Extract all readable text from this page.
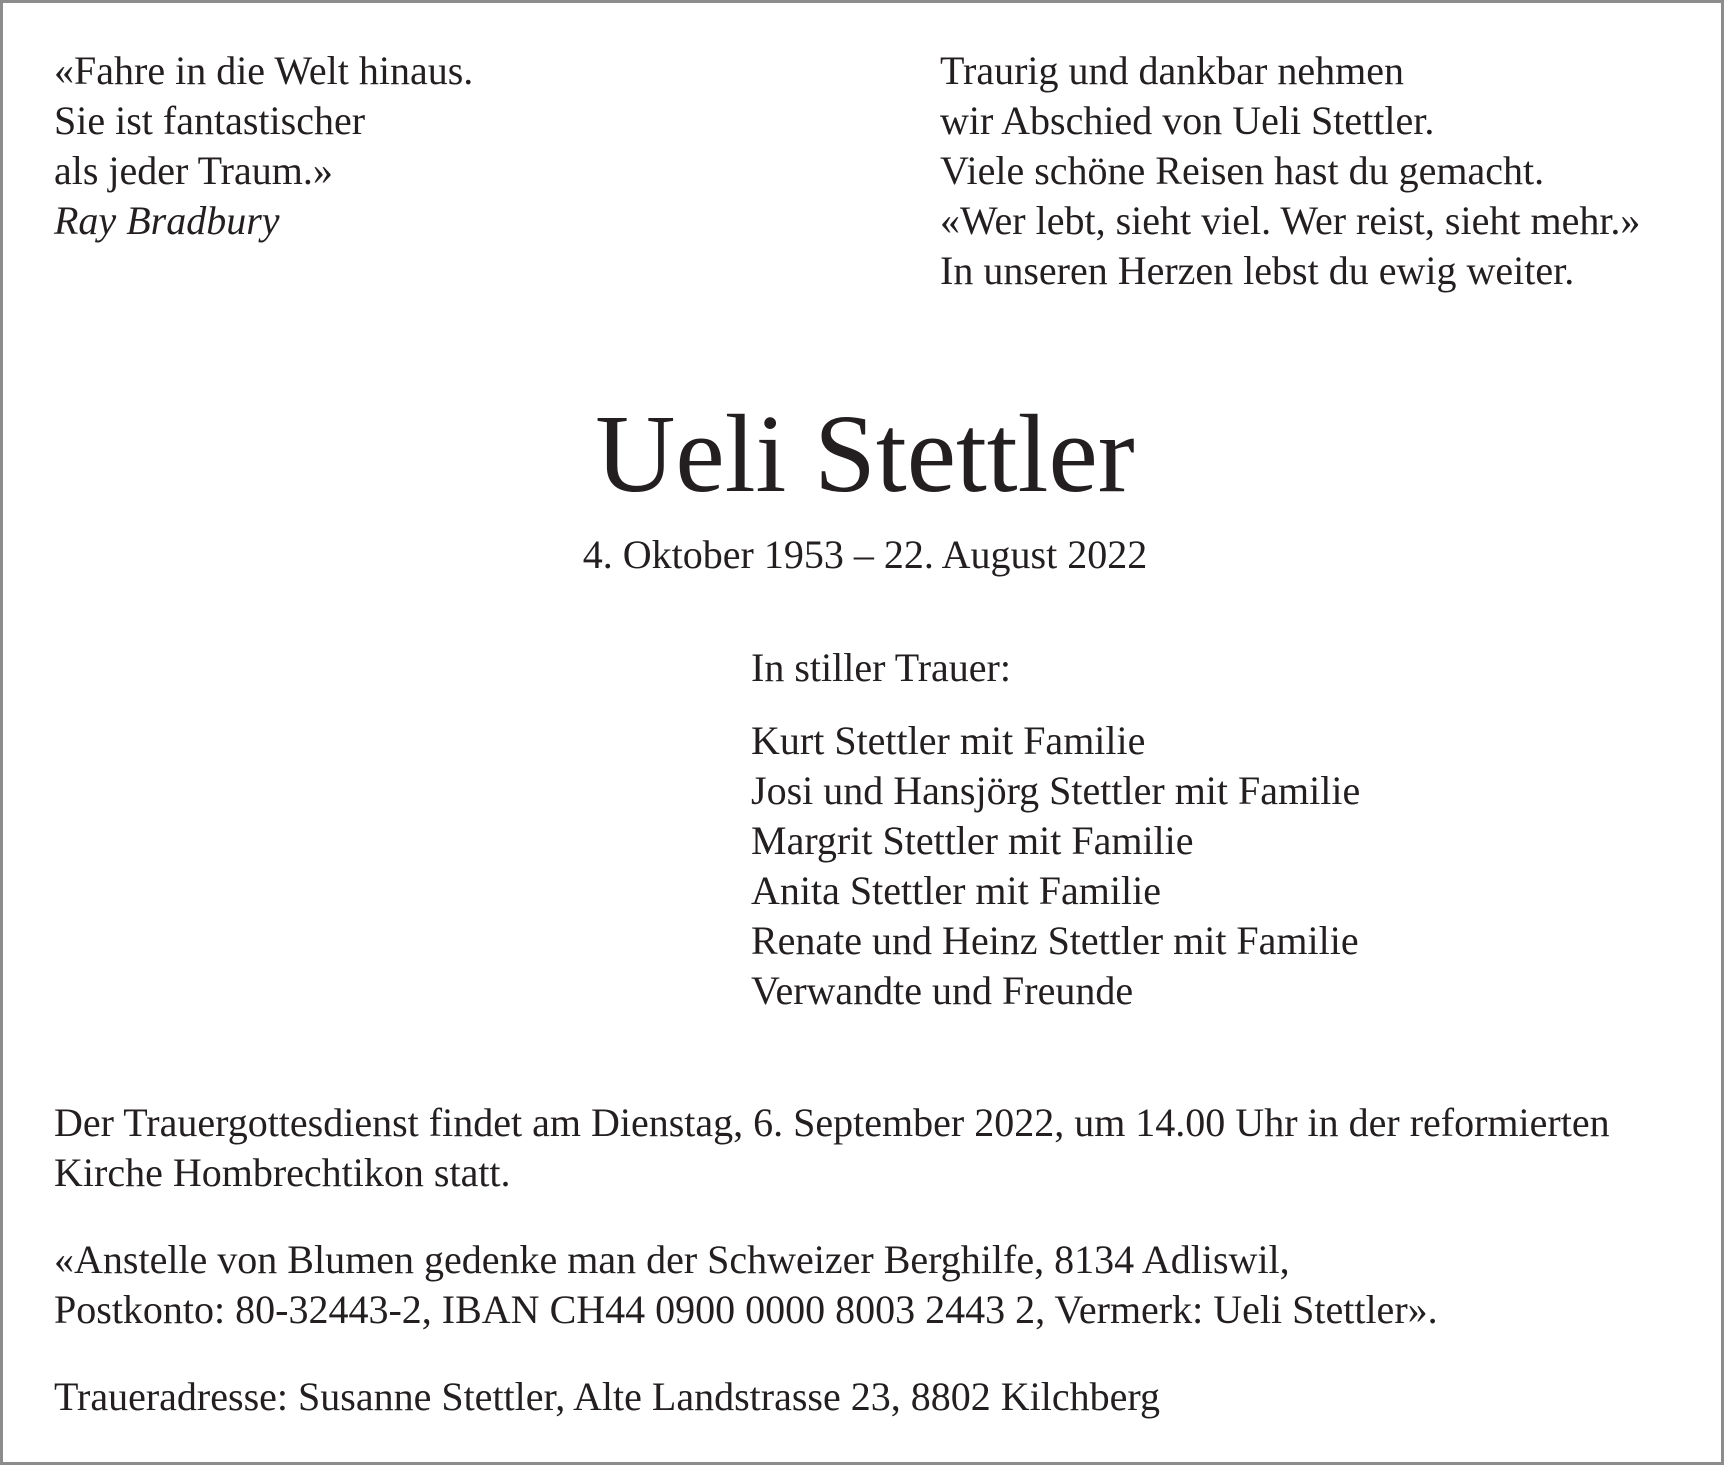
«Fahre in die Welt hinaus.
Sie ist fantastischer
als jeder Traum.»
Ray Bradbury
Traurig und dankbar nehmen
wir Abschied von Ueli Stettler.
Viele schöne Reisen hast du gemacht.
«Wer lebt, sieht viel. Wer reist, sieht mehr.»
In unseren Herzen lebst du ewig weiter.
Ueli Stettler
4. Oktober 1953 – 22. August 2022
In stiller Trauer:
Kurt Stettler mit Familie
Josi und Hansjörg Stettler mit Familie
Margrit Stettler mit Familie
Anita Stettler mit Familie
Renate und Heinz Stettler mit Familie
Verwandte und Freunde
Der Trauergottesdienst findet am Dienstag, 6. September 2022, um 14.00 Uhr in der reformierten
Kirche Hombrechtikon statt.
«Anstelle von Blumen gedenke man der Schweizer Berghilfe, 8134 Adliswil,
Postkonto: 80-32443-2, IBAN CH44 0900 0000 8003 2443 2, Vermerk: Ueli Stettler».
Traueradresse: Susanne Stettler, Alte Landstrasse 23, 8802 Kilchberg
